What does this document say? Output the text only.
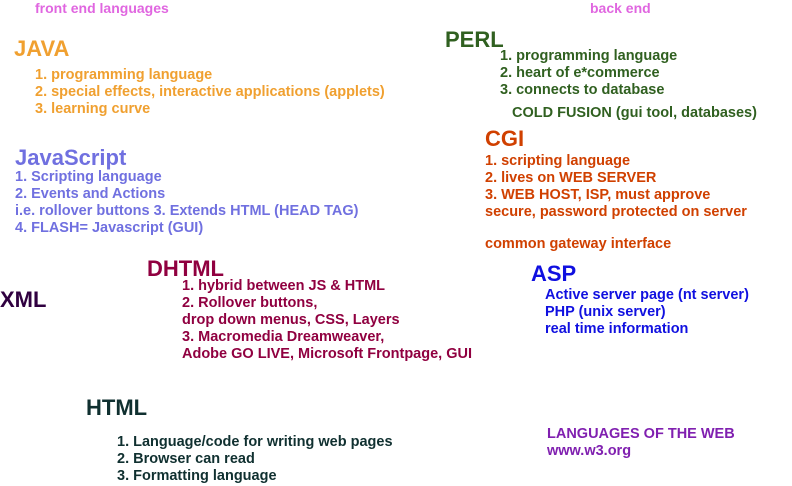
front end languages	back end
JAVA
1. programming language
2. special effects, interactive applications (applets)
3. learning curve
PERL
1. programming language
2. heart of e*commerce
3. connects to database
COLD FUSION (gui tool, databases)
CGI
1. scripting language
2. lives on WEB SERVER
3. WEB HOST, ISP, must approve
secure, password protected on server
common gateway interface
JavaScript
1. Scripting language
2. Events and Actions
i.e. rollover buttons 3. Extends HTML (HEAD TAG)
4. FLASH= Javascript (GUI)
DHTML
1. hybrid between JS & HTML
2. Rollover buttons,
drop down menus, CSS, Layers
3. Macromedia Dreamweaver,
Adobe GO LIVE, Microsoft Frontpage, GUI
XML
ASP
Active server page (nt server)
PHP (unix server)
real time information
HTML
1. Language/code for writing web pages
2. Browser can read
3. Formatting language
LANGUAGES OF THE WEB
www.w3.org
